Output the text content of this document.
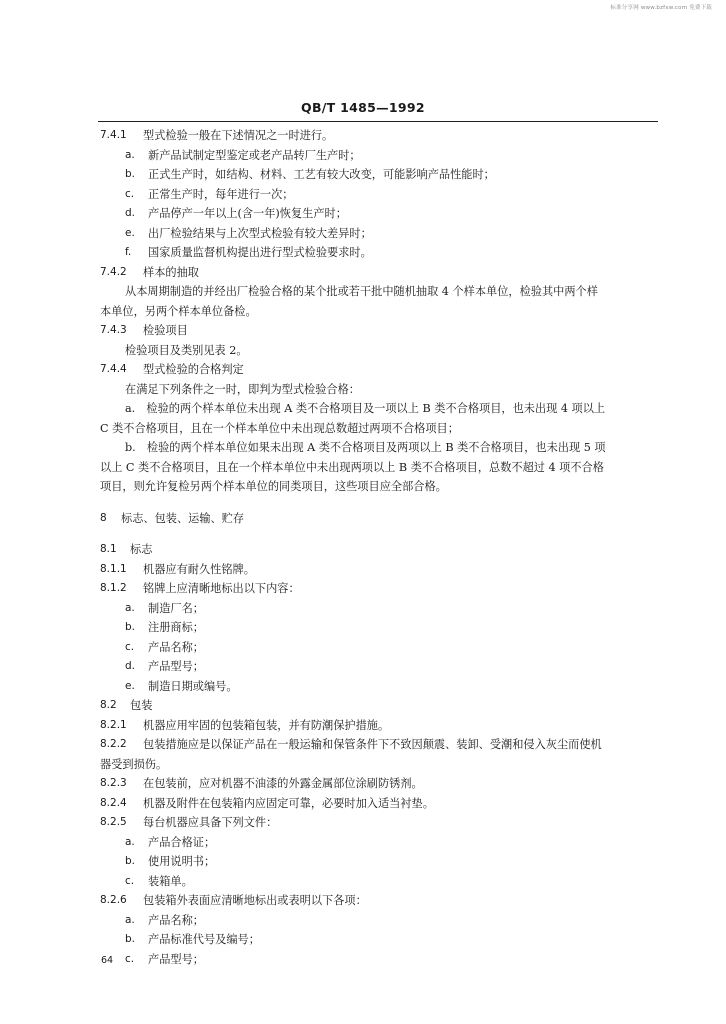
标准分享网 www.bzfxw.com 免费下载
QB/T 1485—1992
7.4.1 型式检验一般在下述情况之一时进行。
a. 新产品试制定型鉴定或老产品转厂生产时；
b. 正式生产时，如结构、材料、工艺有较大改变，可能影响产品性能时；
c. 正常生产时，每年进行一次；
d. 产品停产一年以上(含一年)恢复生产时；
e. 出厂检验结果与上次型式检验有较大差异时；
f. 国家质量监督机构提出进行型式检验要求时。
7.4.2 样本的抽取
从本周期制造的并经出厂检验合格的某个批或若干批中随机抽取 4 个样本单位，检验其中两个样
本单位，另两个样本单位备检。
7.4.3 检验项目
检验项目及类别见表 2。
7.4.4 型式检验的合格判定
在满足下列条件之一时，即判为型式检验合格：
a.　检验的两个样本单位未出现 A 类不合格项目及一项以上 B 类不合格项目，也未出现 4 项以上
C 类不合格项目，且在一个样本单位中未出现总数超过两项不合格项目；
b.　检验的两个样本单位如果未出现 A 类不合格项目及两项以上 B 类不合格项目，也未出现 5 项
以上 C 类不合格项目，且在一个样本单位中未出现两项以上 B 类不合格项目，总数不超过 4 项不合格
项目，则允许复检另两个样本单位的同类项目，这些项目应全部合格。
8 标志、包装、运输、贮存
8.1 标志
8.1.1 机器应有耐久性铭牌。
8.1.2 铭牌上应清晰地标出以下内容：
a. 制造厂名；
b. 注册商标；
c. 产品名称；
d. 产品型号；
e. 制造日期或编号。
8.2 包装
8.2.1 机器应用牢固的包装箱包装，并有防潮保护措施。
8.2.2 包装措施应是以保证产品在一般运输和保管条件下不致因颠震、装卸、受潮和侵入灰尘而使机
器受到损伤。
8.2.3 在包装前，应对机器不油漆的外露金属部位涂刷防锈剂。
8.2.4 机器及附件在包装箱内应固定可靠，必要时加入适当衬垫。
8.2.5 每台机器应具备下列文件：
a. 产品合格证；
b. 使用说明书；
c. 装箱单。
8.2.6 包装箱外表面应清晰地标出或表明以下各项：
a. 产品名称；
b. 产品标准代号及编号；
c. 产品型号；
64
